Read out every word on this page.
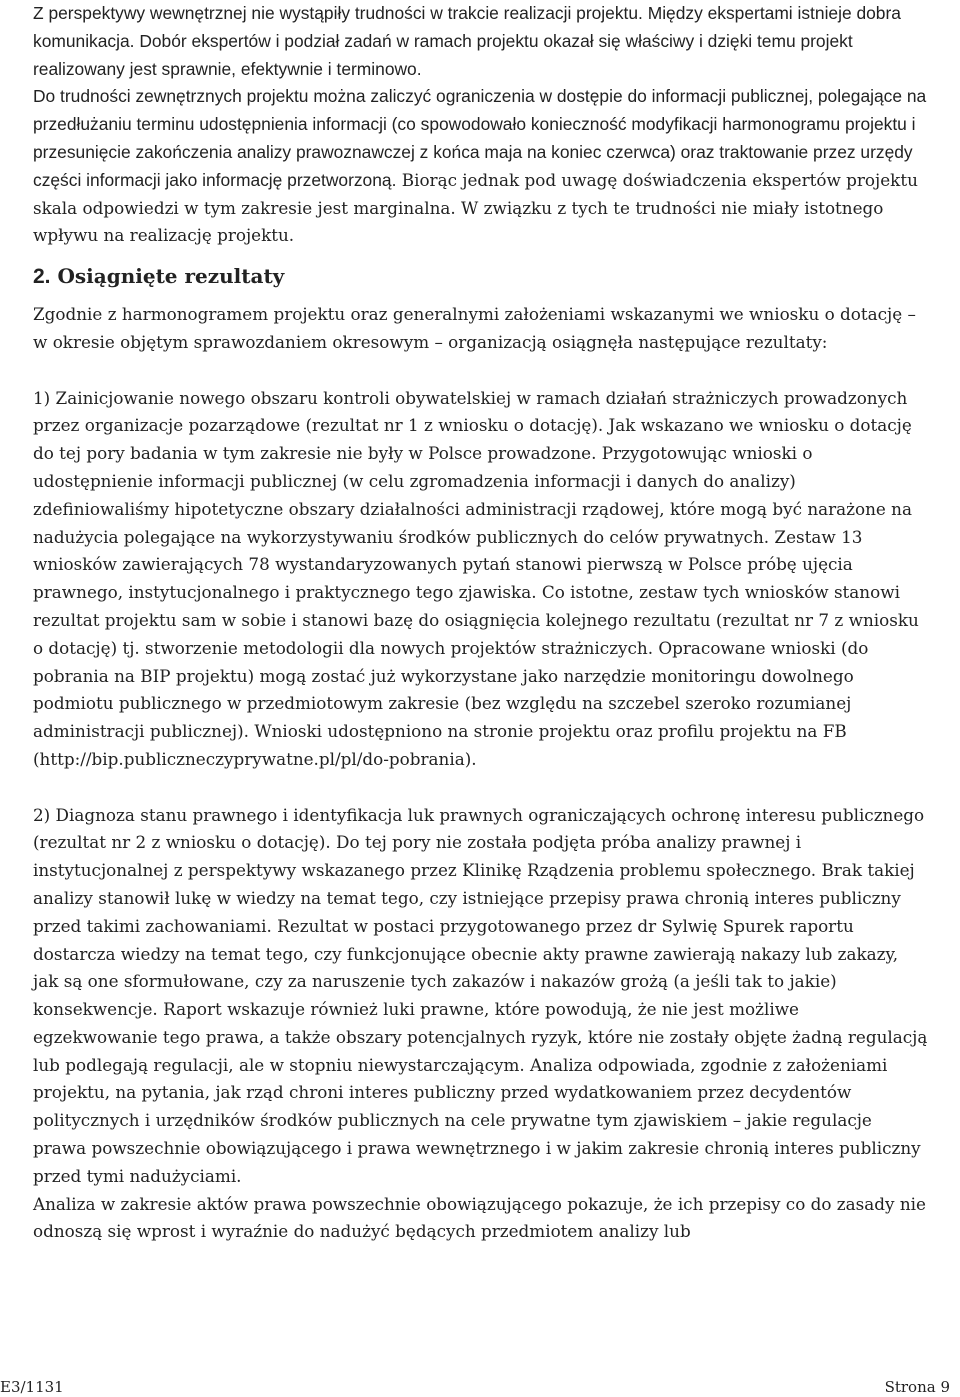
Z perspektywy wewnętrznej nie wystąpiły trudności w trakcie realizacji projektu. Między ekspertami istnieje dobra komunikacja. Dobór ekspertów i podział zadań w ramach projektu okazał się właściwy i dzięki temu projekt realizowany jest sprawnie, efektywnie i terminowo.

Do trudności zewnętrznych projektu można zaliczyć ograniczenia w dostępie do informacji publicznej, polegające na przedłużaniu terminu udostępnienia informacji (co spowodowało konieczność modyfikacji harmonogramu projektu i przesunięcie zakończenia analizy prawoznawczej z końca maja na koniec czerwca) oraz traktowanie przez urzędy części informacji jako informację przetworzoną. Biorąc jednak pod uwagę doświadczenia ekspertów projektu skala odpowiedzi w tym zakresie jest marginalna. W związku z tych te trudności nie miały istotnego wpływu na realizację projektu.

2. Osiągnięte rezultaty

Zgodnie z harmonogramem projektu oraz generalnymi założeniami wskazanymi we wniosku o dotację – w okresie objętym sprawozdaniem okresowym – organizacją osiągnęła następujące rezultaty:

1) Zainicjowanie nowego obszaru kontroli obywatelskiej w ramach działań strażniczych prowadzonych przez organizacje pozarządowe (rezultat nr 1 z wniosku o dotację). Jak wskazano we wniosku o dotację do tej pory badania w tym zakresie nie były w Polsce prowadzone. Przygotowując wnioski o udostępnienie informacji publicznej (w celu zgromadzenia informacji i danych do analizy) zdefiniowaliśmy hipotetyczne obszary działalności administracji rządowej, które mogą być narażone na nadużycia polegające na wykorzystywaniu środków publicznych do celów prywatnych. Zestaw 13 wniosków zawierających 78 wystandaryzowanych pytań stanowi pierwszą w Polsce próbę ujęcia prawnego, instytucjonalnego i praktycznego tego zjawiska. Co istotne, zestaw tych wniosków stanowi rezultat projektu sam w sobie i stanowi bazę do osiągnięcia kolejnego rezultatu (rezultat nr 7 z wniosku o dotację) tj. stworzenie metodologii dla nowych projektów strażniczych. Opracowane wnioski (do pobrania na BIP projektu) mogą zostać już wykorzystane jako narzędzie monitoringu dowolnego podmiotu publicznego w przedmiotowym zakresie (bez względu na szczebel szeroko rozumianej administracji publicznej). Wnioski udostępniono na stronie projektu oraz profilu projektu na FB (http://bip.publiczneczyprywatne.pl/pl/do-pobrania).

2) Diagnoza stanu prawnego i identyfikacja luk prawnych ograniczających ochronę interesu publicznego (rezultat nr 2 z wniosku o dotację). Do tej pory nie została podjęta próba analizy prawnej i instytucjonalnej z perspektywy wskazanego przez Klinikę Rządzenia problemu społecznego. Brak takiej analizy stanowił lukę w wiedzy na temat tego, czy istniejące przepisy prawa chronią interes publiczny przed takimi zachowaniami. Rezultat w postaci przygotowanego przez dr Sylwię Spurek raportu dostarcza wiedzy na temat tego, czy funkcjonujące obecnie akty prawne zawierają nakazy lub zakazy, jak są one sformułowane, czy za naruszenie tych zakazów i nakazów grożą (a jeśli tak to jakie) konsekwencje. Raport wskazuje również luki prawne, które powodują, że nie jest możliwe egzekwowanie tego prawa, a także obszary potencjalnych ryzyk, które nie zostały objęte żadną regulacją lub podlegają regulacji, ale w stopniu niewystarczającym. Analiza odpowiada, zgodnie z założeniami projektu, na pytania, jak rząd chroni interes publiczny przed wydatkowaniem przez decydentów politycznych i urzędników środków publicznych na cele prywatne tym zjawiskiem – jakie regulacje prawa powszechnie obowiązującego i prawa wewnętrznego i w jakim zakresie chronią interes publiczny przed tymi nadużyciami.

Analiza w zakresie aktów prawa powszechnie obowiązującego pokazuje, że ich przepisy co do zasady nie odnoszą się wprost i wyraźnie do nadużyć będących przedmiotem analizy lub

E3/1131	Strona 9
